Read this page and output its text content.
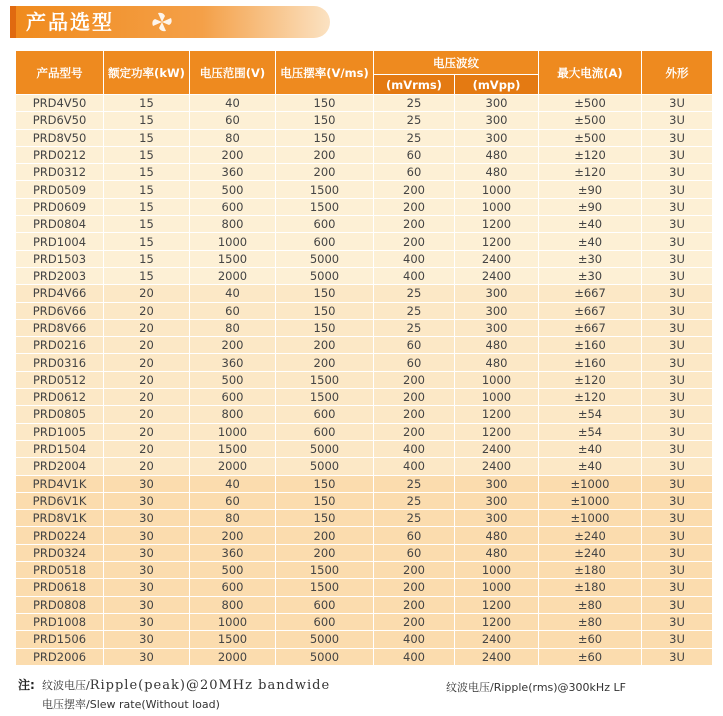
产品选型
产品型号	额定功率(kW)	电压范围(V)	电压摆率(V/ms)	电压波纹		最大电流(A)	外形
				(mVrms)	(mVpp)		
PRD4V50	15	40	150	25	300	±500	3U
PRD6V50	15	60	150	25	300	±500	3U
PRD8V50	15	80	150	25	300	±500	3U
PRD0212	15	200	200	60	480	±120	3U
PRD0312	15	360	200	60	480	±120	3U
PRD0509	15	500	1500	200	1000	±90	3U
PRD0609	15	600	1500	200	1000	±90	3U
PRD0804	15	800	600	200	1200	±40	3U
PRD1004	15	1000	600	200	1200	±40	3U
PRD1503	15	1500	5000	400	2400	±30	3U
PRD2003	15	2000	5000	400	2400	±30	3U
PRD4V66	20	40	150	25	300	±667	3U
PRD6V66	20	60	150	25	300	±667	3U
PRD8V66	20	80	150	25	300	±667	3U
PRD0216	20	200	200	60	480	±160	3U
PRD0316	20	360	200	60	480	±160	3U
PRD0512	20	500	1500	200	1000	±120	3U
PRD0612	20	600	1500	200	1000	±120	3U
PRD0805	20	800	600	200	1200	±54	3U
PRD1005	20	1000	600	200	1200	±54	3U
PRD1504	20	1500	5000	400	2400	±40	3U
PRD2004	20	2000	5000	400	2400	±40	3U
PRD4V1K	30	40	150	25	300	±1000	3U
PRD6V1K	30	60	150	25	300	±1000	3U
PRD8V1K	30	80	150	25	300	±1000	3U
PRD0224	30	200	200	60	480	±240	3U
PRD0324	30	360	200	60	480	±240	3U
PRD0518	30	500	1500	200	1000	±180	3U
PRD0618	30	600	1500	200	1000	±180	3U
PRD0808	30	800	600	200	1200	±80	3U
PRD1008	30	1000	600	200	1200	±80	3U
PRD1506	30	1500	5000	400	2400	±60	3U
PRD2006	30	2000	5000	400	2400	±60	3U
注: 纹波电压/Ripple(peak)@20MHz bandwide	纹波电压/Ripple(rms)@300kHz LF
电压摆率/Slew rate(Without load)
